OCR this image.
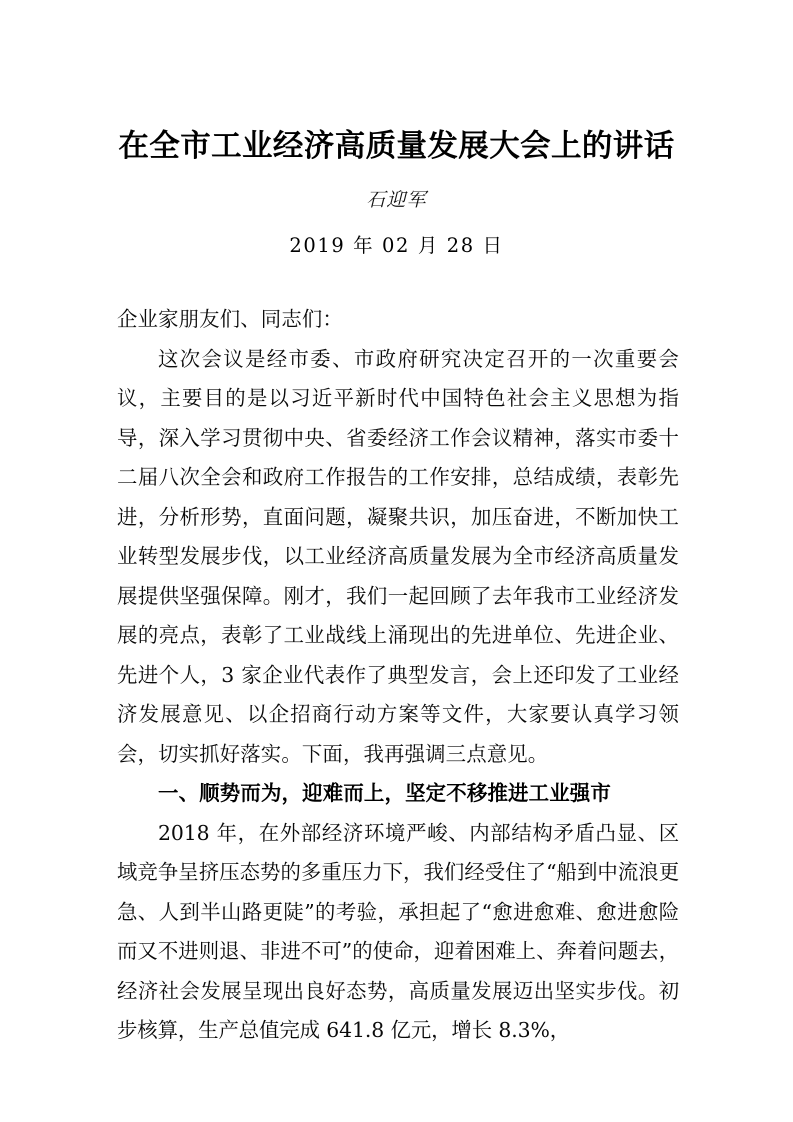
在全市工业经济高质量发展大会上的讲话
石迎军
2019 年 02 月 28 日

企业家朋友们、同志们：

这次会议是经市委、市政府研究决定召开的一次重要会议，主要目的是以习近平新时代中国特色社会主义思想为指导，深入学习贯彻中央、省委经济工作会议精神，落实市委十二届八次全会和政府工作报告的工作安排，总结成绩，表彰先进，分析形势，直面问题，凝聚共识，加压奋进，不断加快工业转型发展步伐，以工业经济高质量发展为全市经济高质量发展提供坚强保障。刚才，我们一起回顾了去年我市工业经济发展的亮点，表彰了工业战线上涌现出的先进单位、先进企业、先进个人，3 家企业代表作了典型发言，会上还印发了工业经济发展意见、以企招商行动方案等文件，大家要认真学习领会，切实抓好落实。下面，我再强调三点意见。

一、顺势而为，迎难而上，坚定不移推进工业强市

2018 年，在外部经济环境严峻、内部结构矛盾凸显、区域竞争呈挤压态势的多重压力下，我们经受住了“船到中流浪更急、人到半山路更陡”的考验，承担起了“愈进愈难、愈进愈险而又不进则退、非进不可”的使命，迎着困难上、奔着问题去，经济社会发展呈现出良好态势，高质量发展迈出坚实步伐。初步核算，生产总值完成 641.8 亿元，增长 8.3%，
